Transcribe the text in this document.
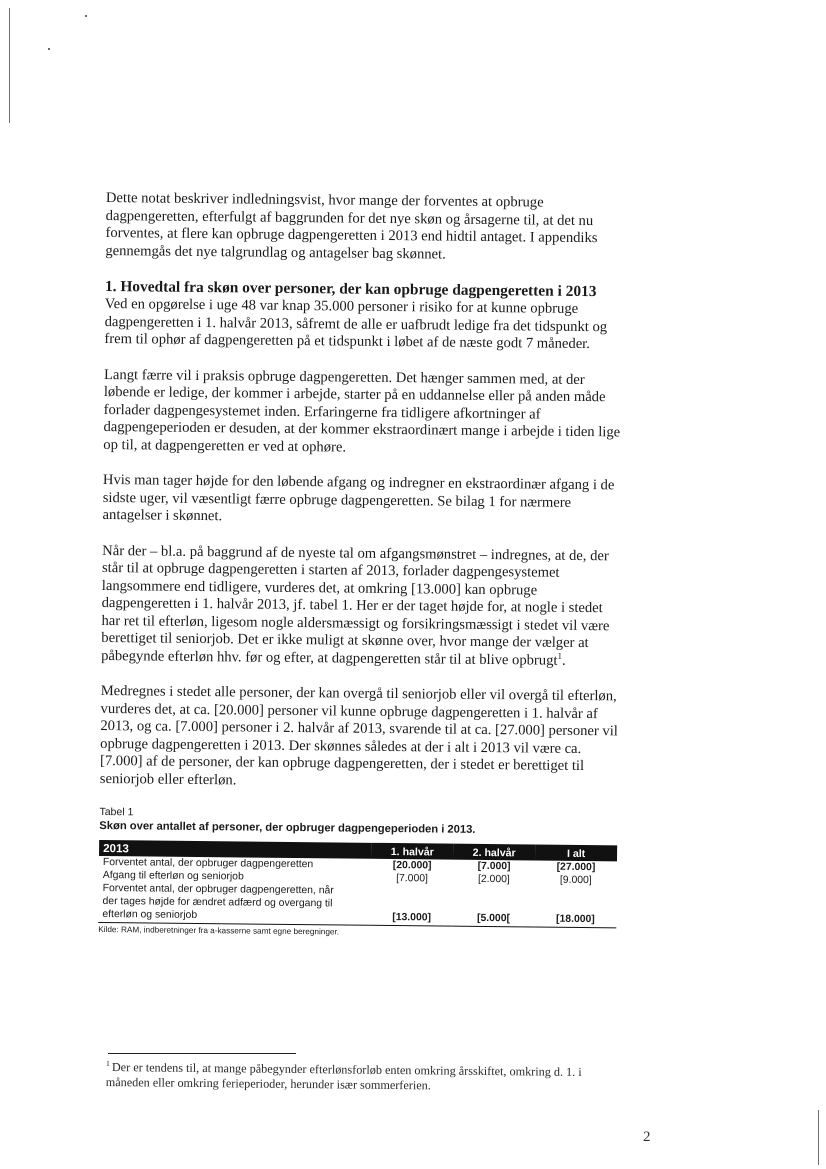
Dette notat beskriver indledningsvist, hvor mange der forventes at opbruge dagpengeretten, efterfulgt af baggrunden for det nye skøn og årsagerne til, at det nu forventes, at flere kan opbruge dagpengeretten i 2013 end hidtil antaget. I appendiks gennemgås det nye talgrundlag og antagelser bag skønnet.

1. Hovedtal fra skøn over personer, der kan opbruge dagpengeretten i 2013

Ved en opgørelse i uge 48 var knap 35.000 personer i risiko for at kunne opbruge dagpengeretten i 1. halvår 2013, såfremt de alle er uafbrudt ledige fra det tidspunkt og frem til ophør af dagpengeretten på et tidspunkt i løbet af de næste godt 7 måneder.

Langt færre vil i praksis opbruge dagpengeretten. Det hænger sammen med, at der løbende er ledige, der kommer i arbejde, starter på en uddannelse eller på anden måde forlader dagpengesystemet inden. Erfaringerne fra tidligere afkortninger af dagpengeperioden er desuden, at der kommer ekstraordinært mange i arbejde i tiden lige op til, at dagpengeretten er ved at ophøre.

Hvis man tager højde for den løbende afgang og indregner en ekstraordinær afgang i de sidste uger, vil væsentligt færre opbruge dagpengeretten. Se bilag 1 for nærmere antagelser i skønnet.

Når der – bl.a. på baggrund af de nyeste tal om afgangsmønstret – indregnes, at de, der står til at opbruge dagpengeretten i starten af 2013, forlader dagpengesystemet langsommere end tidligere, vurderes det, at omkring [13.000] kan opbruge dagpengeretten i 1. halvår 2013, jf. tabel 1. Her er der taget højde for, at nogle i stedet har ret til efterløn, ligesom nogle aldersmæssigt og forsikringsmæssigt i stedet vil være berettiget til seniorjob. Det er ikke muligt at skønne over, hvor mange der vælger at påbegynde efterløn hhv. før og efter, at dagpengeretten står til at blive opbrugt$^1$.

Medregnes i stedet alle personer, der kan overgå til seniorjob eller vil overgå til efterløn, vurderes det, at ca. [20.000] personer vil kunne opbruge dagpengeretten i 1. halvår af 2013, og ca. [7.000] personer i 2. halvår af 2013, svarende til at ca. [27.000] personer vil opbruge dagpengeretten i 2013. Der skønnes således at der i alt i 2013 vil være ca. [7.000] af de personer, der kan opbruge dagpengeretten, der i stedet er berettiget til seniorjob eller efterløn.

Tabel 1
Skøn over antallet af personer, der opbruger dagpengeperioden i 2013.
2013	1. halvår	2. halvår	I alt
Forventet antal, der opbruger dagpengeretten	[20.000]	[7.000]	[27.000]
Afgang til efterløn og seniorjob	[7.000]	[2.000]	[9.000]
Forventet antal, der opbruger dagpengeretten, når der tages højde for ændret adfærd og overgang til efterløn og seniorjob	[13.000]	[5.000[	[18.000]
Kilde: RAM, indberetninger fra a-kasserne samt egne beregninger.
$^1$ Der er tendens til, at mange påbegynder efterlønsforløb enten omkring årsskiftet, omkring d. 1. i måneden eller omkring ferieperioder, herunder især sommerferien.
2
